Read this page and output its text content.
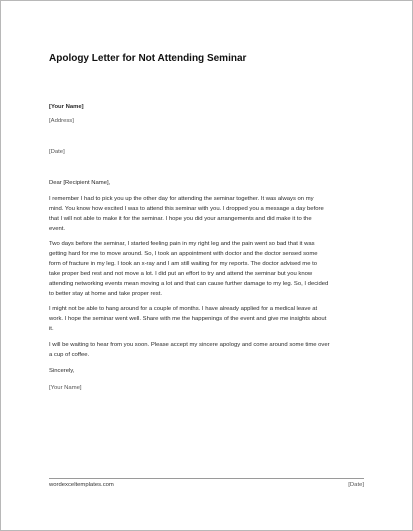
Apology Letter for Not Attending Seminar
[Your Name]
[Address]
[Date]
Dear [Recipient Name],
I remember I had to pick you up the other day for attending the seminar together. It was always on my
mind. You know how excited I was to attend this seminar with you. I dropped you a message a day before
that I will not able to make it for the seminar. I hope you did your arrangements and did make it to the
event.
Two days before the seminar, I started feeling pain in my right leg and the pain went so bad that it was
getting hard for me to move around. So, I took an appointment with doctor and the doctor sensed some
form of fracture in my leg. I took an x-ray and I am still waiting for my reports. The doctor advised me to
take proper bed rest and not move a lot. I did put an effort to try and attend the seminar but you know
attending networking events mean moving a lot and that can cause further damage to my leg. So, I decided
to better stay at home and take proper rest.
I might not be able to hang around for a couple of months. I have already applied for a medical leave at
work. I hope the seminar went well. Share with me the happenings of the event and give me insights about
it.
I will be waiting to hear from you soon. Please accept my sincere apology and come around some time over
a cup of coffee.
Sincerely,
[Your Name]
wordexceltemplates.com	[Date]
